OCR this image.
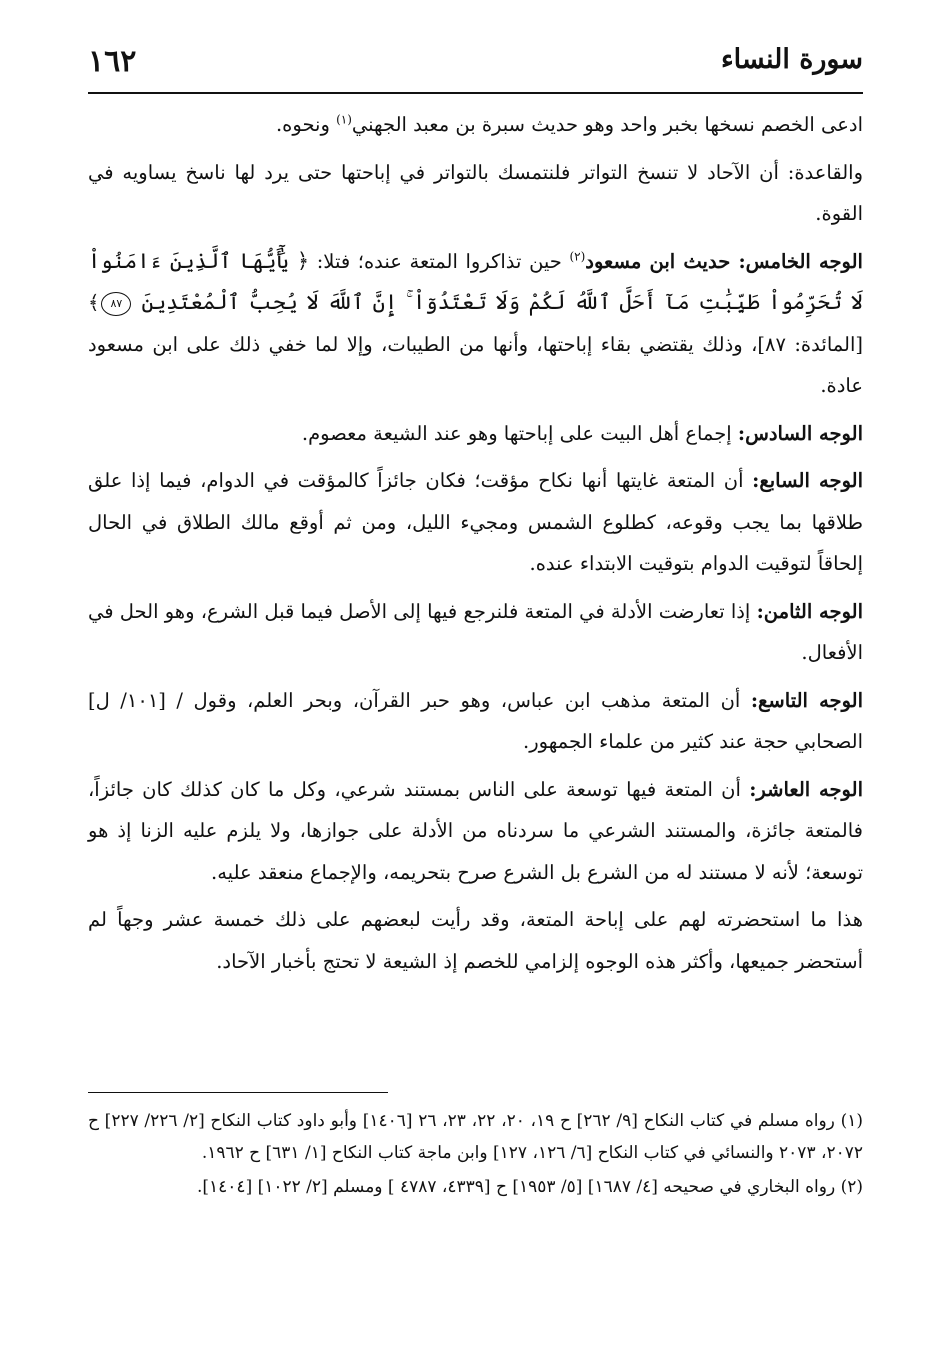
سورة النساء
١٦٢

ادعى الخصم نسخها بخبر واحد وهو حديث سبرة بن معبد الجهني$^{(١)}$ ونحوه.

والقاعدة: أن الآحاد لا تنسخ التواتر فلنتمسك بالتواتر في إباحتها حتى يرد لها ناسخ يساويه في القوة.

الوجه الخامس: حديث ابن مسعود$^{(٢)}$ حين تذاكروا المتعة عنده؛ فتلا: ﴿ يَٰٓأَيُّهَا ٱلَّذِينَ ءَامَنُواْ لَا تُحَرِّمُواْ طَيِّبَٰتِ مَآ أَحَلَّ ٱللَّهُ لَكُمْ وَلَا تَعْتَدُوٓاْ ۚ إِنَّ ٱللَّهَ لَا يُحِبُّ ٱلْمُعْتَدِينَ ٨٧﴾ [المائدة: ٨٧]، وذلك يقتضي بقاء إباحتها، وأنها من الطيبات، وإلا لما خفي ذلك على ابن مسعود عادة.

الوجه السادس: إجماع أهل البيت على إباحتها وهو عند الشيعة معصوم.

الوجه السابع: أن المتعة غايتها أنها نكاح مؤقت؛ فكان جائزاً كالمؤقت في الدوام، فيما إذا علق طلاقها بما يجب وقوعه، كطلوع الشمس ومجيء الليل، ومن ثم أوقع مالك الطلاق في الحال إلحاقاً لتوقيت الدوام بتوقيت الابتداء عنده.

الوجه الثامن: إذا تعارضت الأدلة في المتعة فلنرجع فيها إلى الأصل فيما قبل الشرع، وهو الحل في الأفعال.

الوجه التاسع: أن المتعة مذهب ابن عباس، وهو حبر القرآن، وبحر العلم، وقول / [١٠١/ ل] الصحابي حجة عند كثير من علماء الجمهور.

الوجه العاشر: أن المتعة فيها توسعة على الناس بمستند شرعي، وكل ما كان كذلك كان جائزاً، فالمتعة جائزة، والمستند الشرعي ما سردناه من الأدلة على جوازها، ولا يلزم عليه الزنا إذ هو توسعة؛ لأنه لا مستند له من الشرع بل الشرع صرح بتحريمه، والإجماع منعقد عليه.

هذا ما استحضرته لهم على إباحة المتعة، وقد رأيت لبعضهم على ذلك خمسة عشر وجهاً لم أستحضر جميعها، وأكثر هذه الوجوه إلزامي للخصم إذ الشيعة لا تحتج بأخبار الآحاد.

(١) رواه مسلم في كتاب النكاح [٩/ ٢٦٢] ح ١٩، ٢٠، ٢٢، ٢٣، ٢٦ [١٤٠٦] وأبو داود كتاب النكاح [٢/ ٢٢٦/ ٢٢٧] ح ٢٠٧٢، ٢٠٧٣ والنسائي في كتاب النكاح [٦/ ١٢٦، ١٢٧] وابن ماجة كتاب النكاح [١/ ٦٣١] ح ١٩٦٢.

(٢) رواه البخاري في صحيحه [٤/ ١٦٨٧] [٥/ ١٩٥٣] ح [٤٣٣٩، ٤٧٨٧ ] ومسلم [٢/ ١٠٢٢] [١٤٠٤].
